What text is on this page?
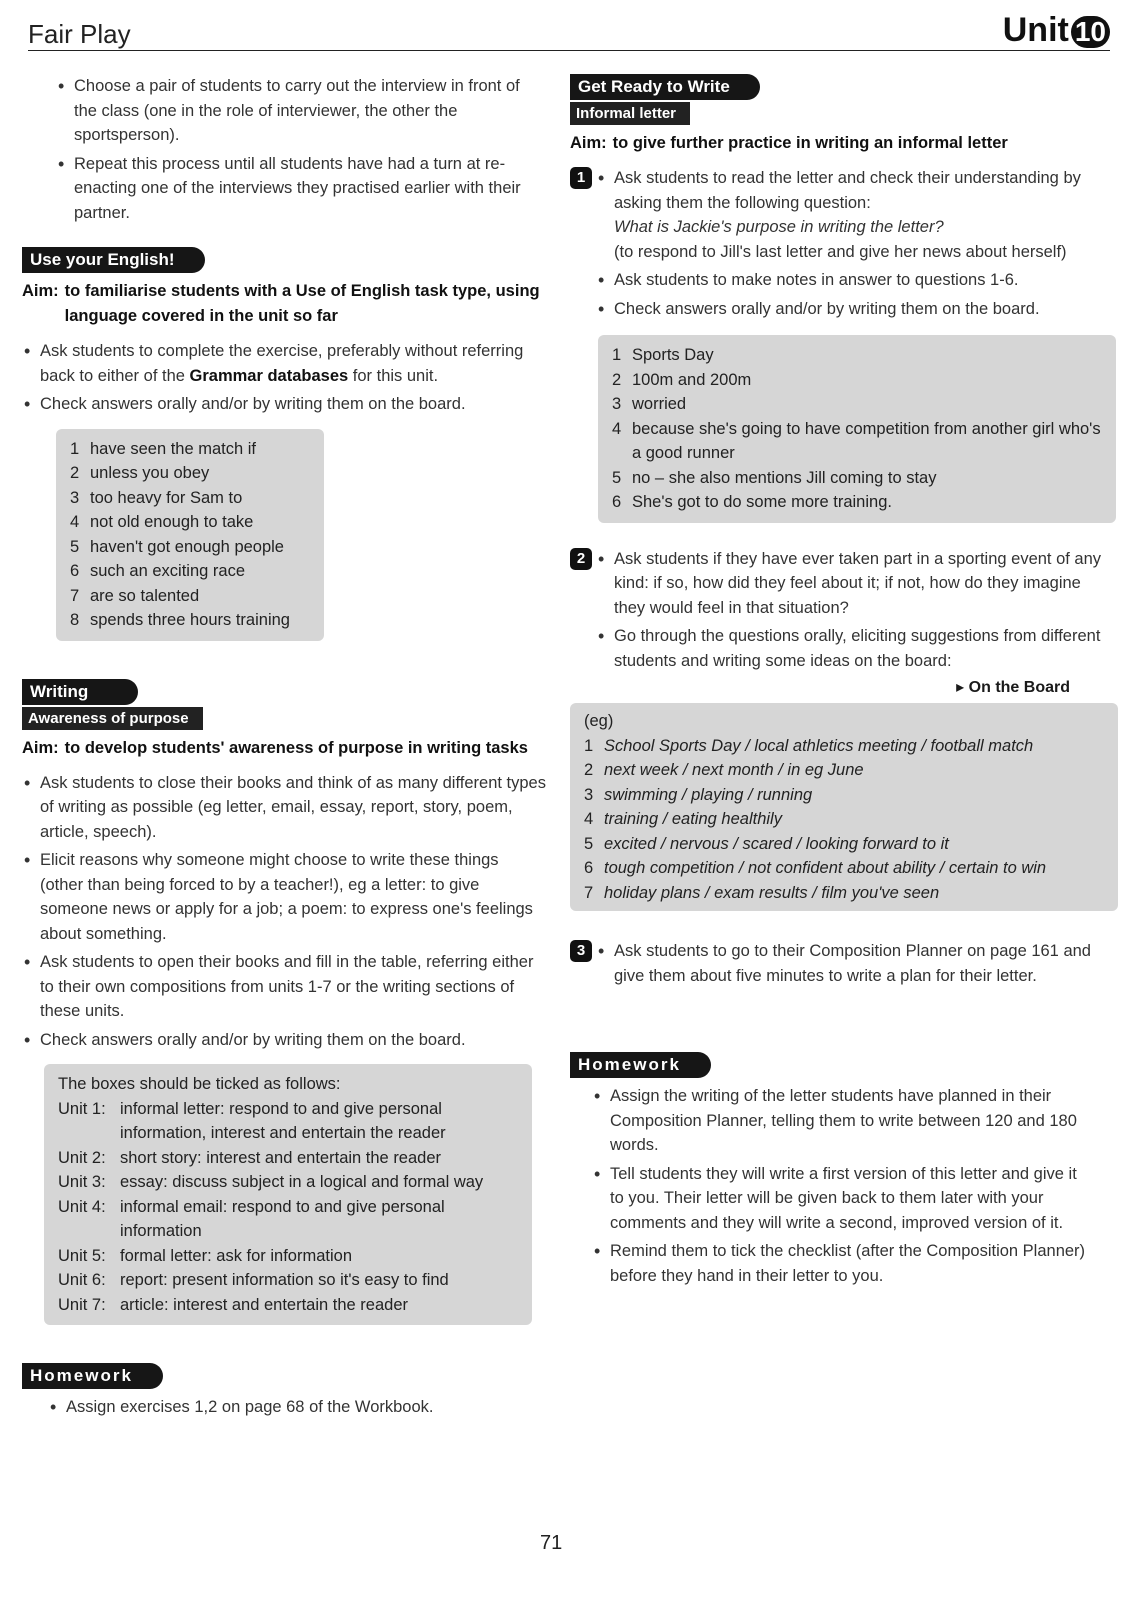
Fair Play	Unit 10
• Choose a pair of students to carry out the interview in front of the class (one in the role of interviewer, the other the sportsperson).
• Repeat this process until all students have had a turn at re-enacting one of the interviews they practised earlier with their partner.
Use your English!
Aim: to familiarise students with a Use of English task type, using language covered in the unit so far
• Ask students to complete the exercise, preferably without referring back to either of the Grammar databases for this unit.
• Check answers orally and/or by writing them on the board.
1 have seen the match if
2 unless you obey
3 too heavy for Sam to
4 not old enough to take
5 haven't got enough people
6 such an exciting race
7 are so talented
8 spends three hours training
Writing
Awareness of purpose
Aim: to develop students' awareness of purpose in writing tasks
• Ask students to close their books and think of as many different types of writing as possible (eg letter, email, essay, report, story, poem, article, speech).
• Elicit reasons why someone might choose to write these things (other than being forced to by a teacher!), eg a letter: to give someone news or apply for a job; a poem: to express one's feelings about something.
• Ask students to open their books and fill in the table, referring either to their own compositions from units 1-7 or the writing sections of these units.
• Check answers orally and/or by writing them on the board.
The boxes should be ticked as follows:
Unit 1: informal letter: respond to and give personal information, interest and entertain the reader
Unit 2: short story: interest and entertain the reader
Unit 3: essay: discuss subject in a logical and formal way
Unit 4: informal email: respond to and give personal information
Unit 5: formal letter: ask for information
Unit 6: report: present information so it's easy to find
Unit 7: article: interest and entertain the reader
Homework
• Assign exercises 1,2 on page 68 of the Workbook.
Get Ready to Write
Informal letter
Aim: to give further practice in writing an informal letter
1	• Ask students to read the letter and check their understanding by asking them the following question:
What is Jackie's purpose in writing the letter?
(to respond to Jill's last letter and give her news about herself)
• Ask students to make notes in answer to questions 1-6.
• Check answers orally and/or by writing them on the board.
1 Sports Day
2 100m and 200m
3 worried
4 because she's going to have competition from another girl who's a good runner
5 no – she also mentions Jill coming to stay
6 She's got to do some more training.
2	• Ask students if they have ever taken part in a sporting event of any kind: if so, how did they feel about it; if not, how do they imagine they would feel in that situation?
• Go through the questions orally, eliciting suggestions from different students and writing some ideas on the board:
▸ On the Board
(eg)
1 School Sports Day / local athletics meeting / football match
2 next week / next month / in eg June
3 swimming / playing / running
4 training / eating healthily
5 excited / nervous / scared / looking forward to it
6 tough competition / not confident about ability / certain to win
7 holiday plans / exam results / film you've seen
3	• Ask students to go to their Composition Planner on page 161 and give them about five minutes to write a plan for their letter.
Homework
• Assign the writing of the letter students have planned in their Composition Planner, telling them to write between 120 and 180 words.
• Tell students they will write a first version of this letter and give it to you. Their letter will be given back to them later with your comments and they will write a second, improved version of it.
• Remind them to tick the checklist (after the Composition Planner) before they hand in their letter to you.
71
